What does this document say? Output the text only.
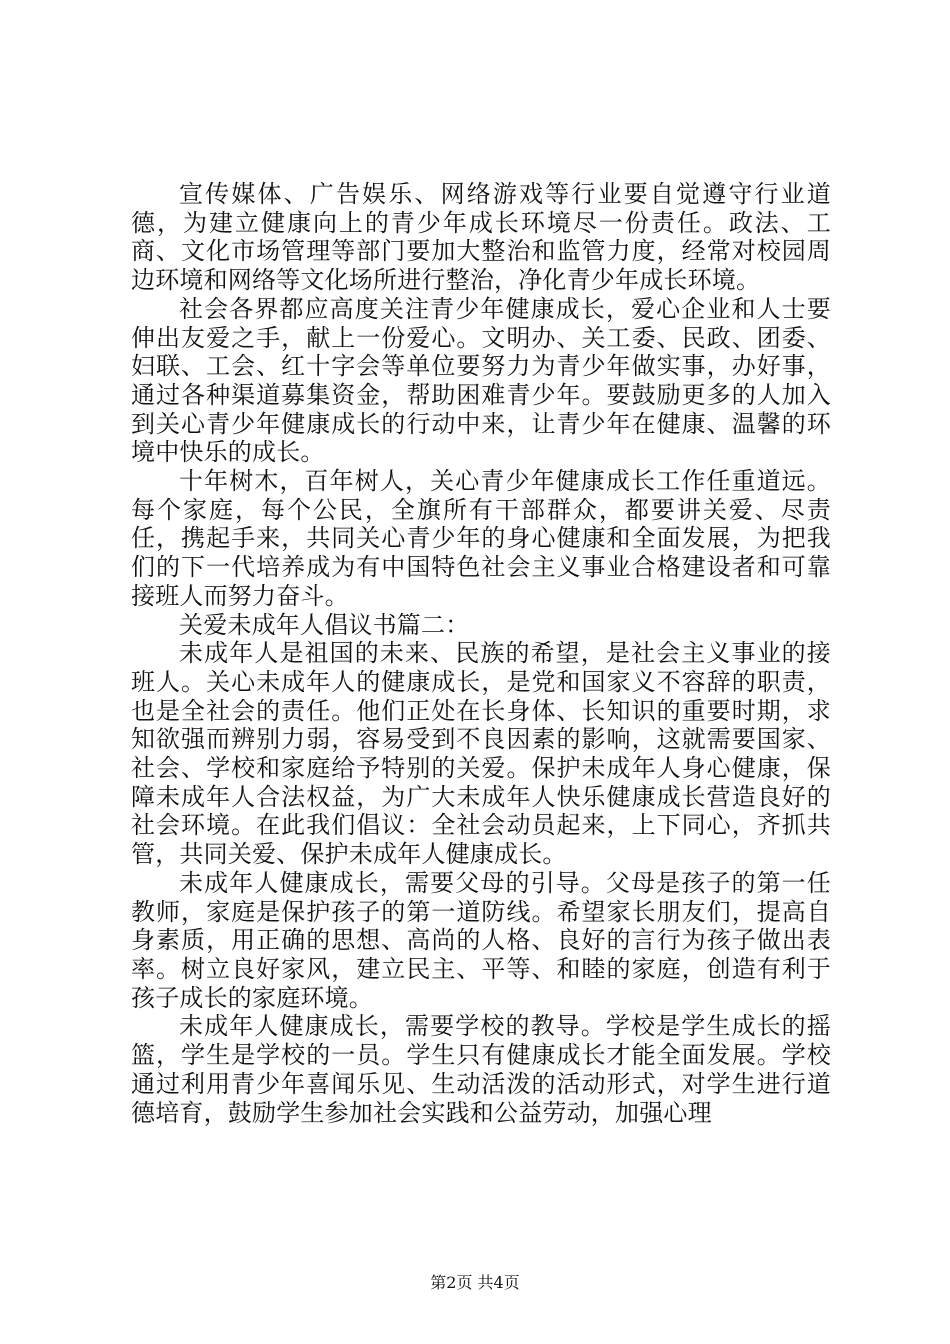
宣传媒体、广告娱乐、网络游戏等行业要自觉遵守行业道德，为建立健康向上的青少年成长环境尽一份责任。政法、工商、文化市场管理等部门要加大整治和监管力度，经常对校园周边环境和网络等文化场所进行整治，净化青少年成长环境。

社会各界都应高度关注青少年健康成长，爱心企业和人士要伸出友爱之手，献上一份爱心。文明办、关工委、民政、团委、妇联、工会、红十字会等单位要努力为青少年做实事，办好事，通过各种渠道募集资金，帮助困难青少年。要鼓励更多的人加入到关心青少年健康成长的行动中来，让青少年在健康、温馨的环境中快乐的成长。

十年树木，百年树人，关心青少年健康成长工作任重道远。每个家庭，每个公民，全旗所有干部群众，都要讲关爱、尽责任，携起手来，共同关心青少年的身心健康和全面发展，为把我们的下一代培养成为有中国特色社会主义事业合格建设者和可靠接班人而努力奋斗。

关爱未成年人倡议书篇二：

未成年人是祖国的未来、民族的希望，是社会主义事业的接班人。关心未成年人的健康成长，是党和国家义不容辞的职责，也是全社会的责任。他们正处在长身体、长知识的重要时期，求知欲强而辨别力弱，容易受到不良因素的影响，这就需要国家、社会、学校和家庭给予特别的关爱。保护未成年人身心健康，保障未成年人合法权益，为广大未成年人快乐健康成长营造良好的社会环境。在此我们倡议：全社会动员起来，上下同心，齐抓共管，共同关爱、保护未成年人健康成长。

未成年人健康成长，需要父母的引导。父母是孩子的第一任教师，家庭是保护孩子的第一道防线。希望家长朋友们，提高自身素质，用正确的思想、高尚的人格、良好的言行为孩子做出表率。树立良好家风，建立民主、平等、和睦的家庭，创造有利于孩子成长的家庭环境。

未成年人健康成长，需要学校的教导。学校是学生成长的摇篮，学生是学校的一员。学生只有健康成长才能全面发展。学校通过利用青少年喜闻乐见、生动活泼的活动形式，对学生进行道德培育，鼓励学生参加社会实践和公益劳动，加强心理

第2页 共4页
